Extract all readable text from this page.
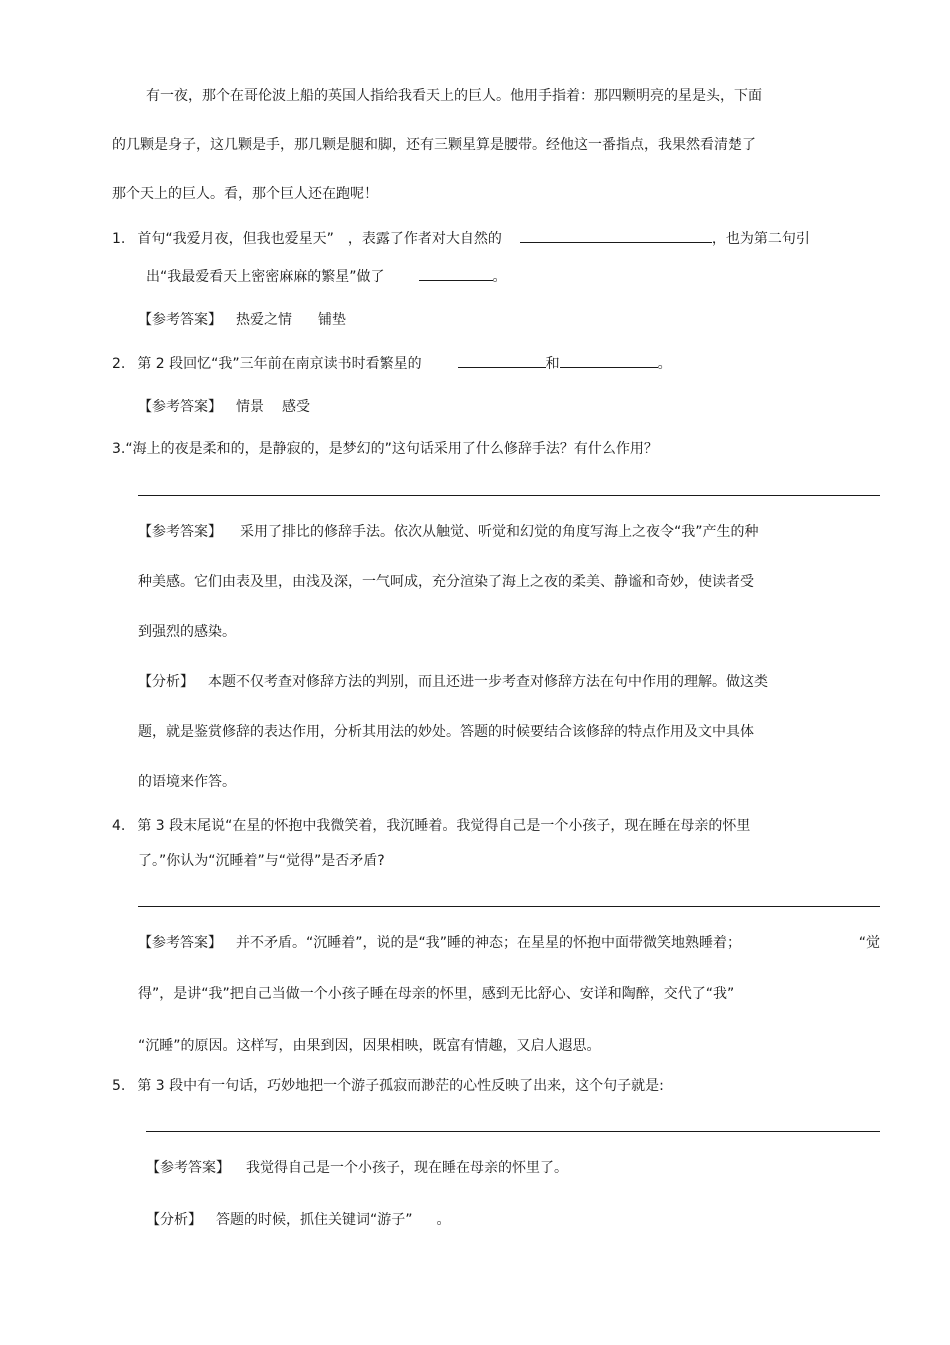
有一夜，那个在哥伦波上船的英国人指给我看天上的巨人。他用手指着：那四颗明亮的星是头，下面
的几颗是身子，这几颗是手，那几颗是腿和脚，还有三颗星算是腰带。经他这一番指点，我果然看清楚了
那个天上的巨人。看，那个巨人还在跑呢！
1. 首句“我爱月夜，但我也爱星天” ，表露了作者对大自然的	，也为第二句引
出“我最爱看天上密密麻麻的繁星”做了	。
【参考答案】 热爱之情 铺垫
2. 第 2 段回忆“我”三年前在南京读书时看繁星的	和	。
【参考答案】 情景 感受
3.“海上的夜是柔和的，是静寂的，是梦幻的”这句话采用了什么修辞手法？有什么作用？
【参考答案】 采用了排比的修辞手法。依次从触觉、听觉和幻觉的角度写海上之夜令“我”产生的种
种美感。它们由表及里，由浅及深，一气呵成，充分渲染了海上之夜的柔美、静谧和奇妙，使读者受
到强烈的感染。
【分析】 本题不仅考查对修辞方法的判别，而且还进一步考查对修辞方法在句中作用的理解。做这类
题，就是鉴赏修辞的表达作用，分析其用法的妙处。答题的时候要结合该修辞的特点作用及文中具体
的语境来作答。
4. 第 3 段末尾说“在星的怀抱中我微笑着，我沉睡着。我觉得自己是一个小孩子，现在睡在母亲的怀里
了。”你认为“沉睡着”与“觉得”是否矛盾?
【参考答案】 并不矛盾。“沉睡着”，说的是“我”睡的神态；在星星的怀抱中面带微笑地熟睡着；	“觉
得”，是讲“我”把自己当做一个小孩子睡在母亲的怀里，感到无比舒心、安详和陶醉，交代了“我”
“沉睡”的原因。这样写，由果到因，因果相映，既富有情趣，又启人遐思。
5. 第 3 段中有一句话，巧妙地把一个游子孤寂而渺茫的心性反映了出来，这个句子就是:
【参考答案】 我觉得自己是一个小孩子，现在睡在母亲的怀里了。
【分析】 答题的时候，抓住关键词“游子” 。
